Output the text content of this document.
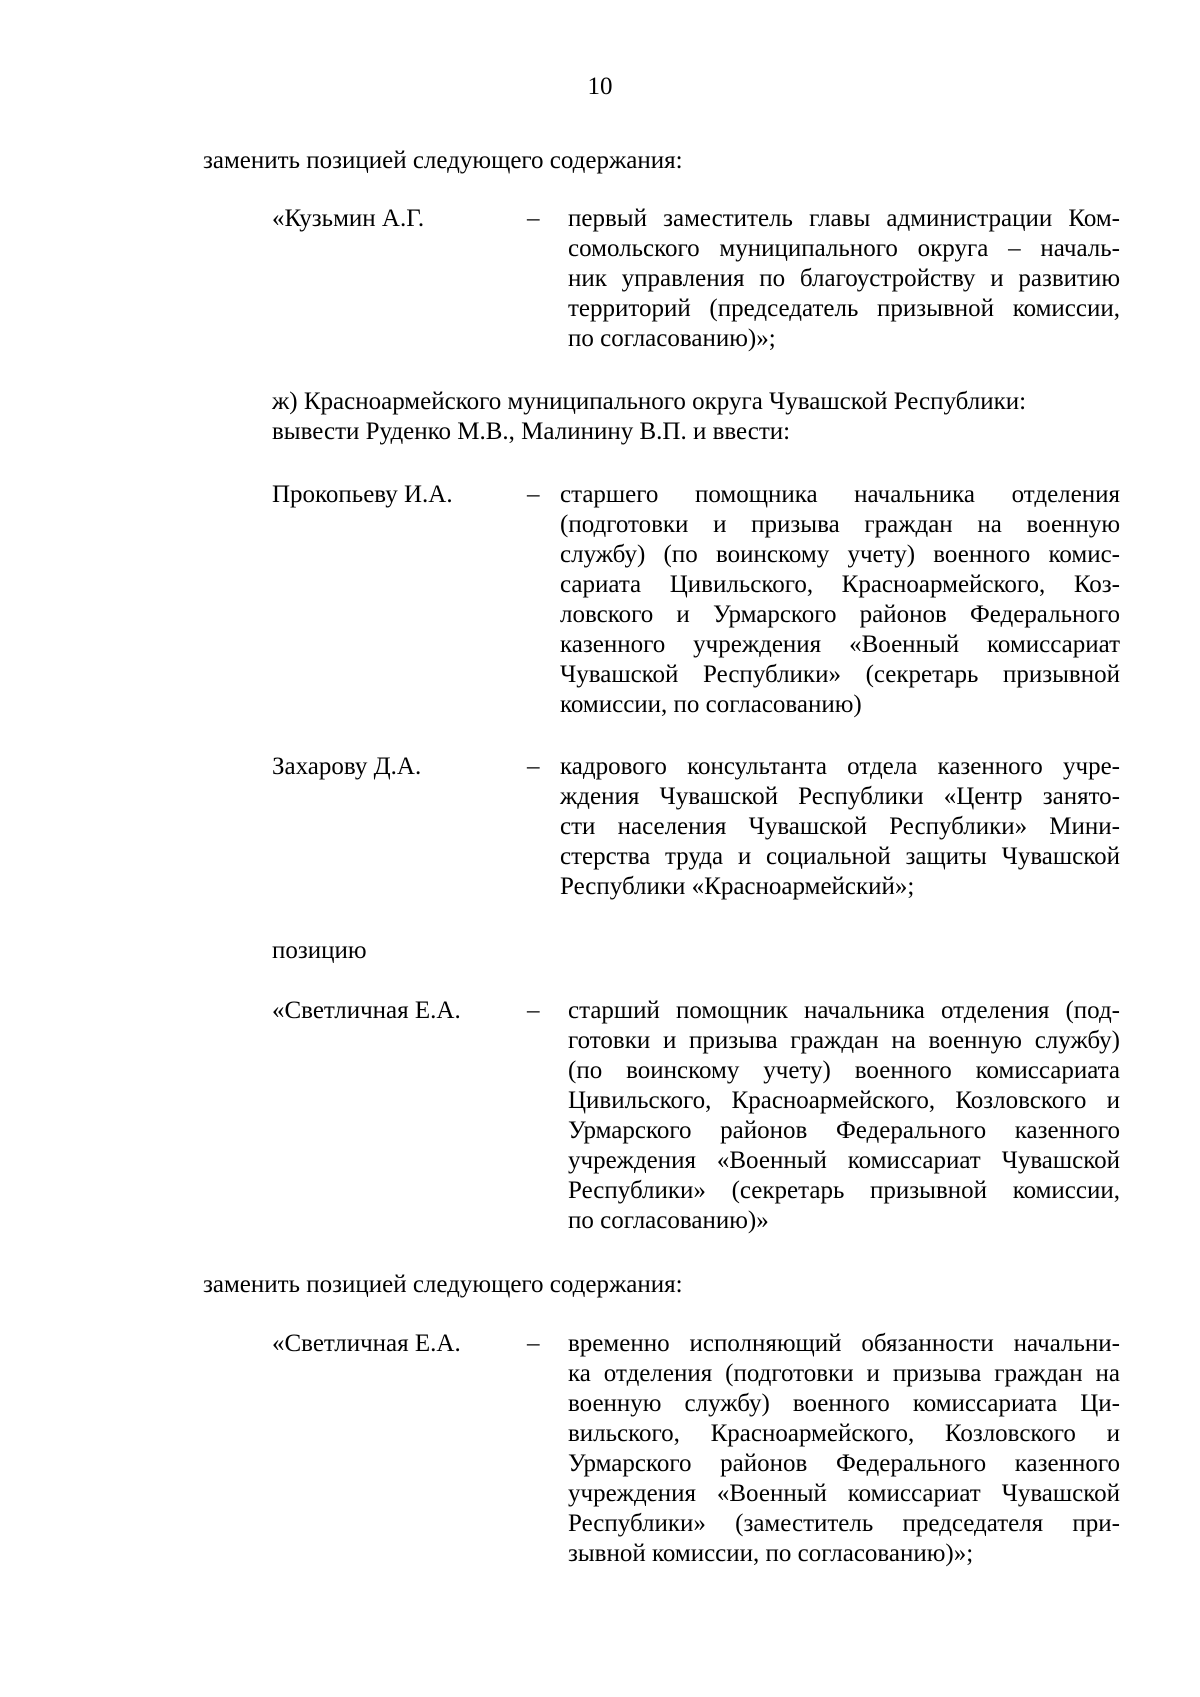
10
заменить позицией следующего содержания:
«Кузьмин А.Г.	– первый заместитель главы администрации Ком-
сомольского муниципального округа – началь-
ник управления по благоустройству и развитию
территорий (председатель призывной комиссии,
по согласованию)»;
ж) Красноармейского муниципального округа Чувашской Республики:
вывести Руденко М.В., Малинину В.П. и ввести:
Прокопьеву И.А.	– старшего помощника начальника отделения
(подготовки и призыва граждан на военную
службу) (по воинскому учету) военного комис-
сариата Цивильского, Красноармейского, Коз-
ловского и Урмарского районов Федерального
казенного учреждения «Военный комиссариат
Чувашской Республики» (секретарь призывной
комиссии, по согласованию)
Захарову Д.А.	– кадрового консультанта отдела казенного учре-
ждения Чувашской Республики «Центр занято-
сти населения Чувашской Республики» Мини-
стерства труда и социальной защиты Чувашской
Республики «Красноармейский»;
позицию
«Светличная Е.А.	– старший помощник начальника отделения (под-
готовки и призыва граждан на военную службу)
(по воинскому учету) военного комиссариата
Цивильского, Красноармейского, Козловского и
Урмарского районов Федерального казенного
учреждения «Военный комиссариат Чувашской
Республики» (секретарь призывной комиссии,
по согласованию)»
заменить позицией следующего содержания:
«Светличная Е.А.	– временно исполняющий обязанности начальни-
ка отделения (подготовки и призыва граждан на
военную службу) военного комиссариата Ци-
вильского, Красноармейского, Козловского и
Урмарского районов Федерального казенного
учреждения «Военный комиссариат Чувашской
Республики» (заместитель председателя при-
зывной комиссии, по согласованию)»;
